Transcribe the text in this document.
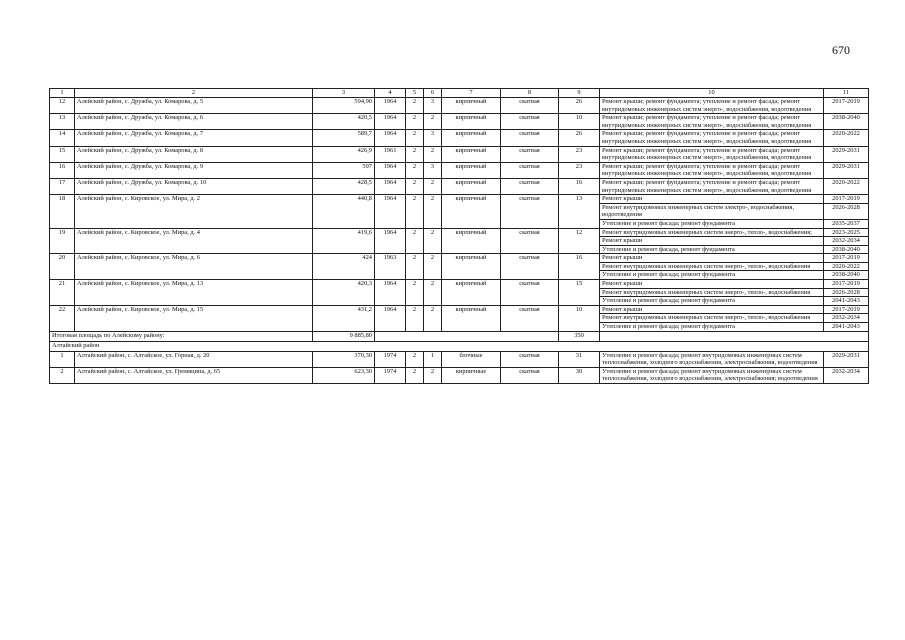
670
1	2	3	4	5	6	7	8	9	10	11
12	Алейский район, с. Дружба, ул. Комарова, д. 5	594,90	1964	2	3	кирпичный	скатная	26	Ремонт крыши; ремонт фундамента; утепление и ремонт фасада; ремонт внутридомовых инженерных систем энерго-, водоснабжения, водоотведения	2017-2019
13	Алейский район, с. Дружба, ул. Комарова, д. 6	420,5	1964	2	2	кирпичный	скатная	10	Ремонт крыши; ремонт фундамента; утепление и ремонт фасада; ремонт внутридомовых инженерных систем энерго-, водоснабжения, водоотведения	2038-2040
14	Алейский район, с. Дружба, ул. Комарова, д. 7	589,7	1964	2	3	кирпичный	скатная	26	Ремонт крыши; ремонт фундамента; утепление и ремонт фасада; ремонт внутридомовых инженерных систем энерго-, водоснабжения, водоотведения	2020-2022
15	Алейский район, с. Дружба, ул. Комарова, д. 8	426,9	1961	2	2	кирпичный	скатная	23	Ремонт крыши; ремонт фундамента; утепление и ремонт фасада; ремонт внутридомовых инженерных систем энерго-, водоснабжения, водоотведения	2029-2031
16	Алейский район, с. Дружба, ул. Комарова, д. 9	597	1964	2	3	кирпичный	скатная	23	Ремонт крыши; ремонт фундамента; утепление и ремонт фасада; ремонт внутридомовых инженерных систем энерго-, водоснабжения, водоотведения	2029-2031
17	Алейский район, с. Дружба, ул. Комарова, д. 10	428,5	1964	2	2	кирпичный	скатная	16	Ремонт крыши; ремонт фундамента; утепление и ремонт фасада; ремонт внутридомовых инженерных систем энерго-, водоснабжения, водоотведения	2020-2022
18	Алейский район, с. Кировское, ул. Мира, д. 2	440,8	1964	2	2	кирпичный	скатная	13	Ремонт крыши	2017-2019
									Ремонт внутридомовых инженерных систем электро-, водоснабжения, водоотведения	2026-2028
									Утепление и ремонт фасада; ремонт фундамента	2035-2037
19	Алейский район, с. Кировское, ул. Мира, д. 4	419,6	1964	2	2	кирпичный	скатная	12	Ремонт внутридомовых инженерных систем энерго-, тепло-, водоснабжения;	2023-2025
									Ремонт крыши	2032-2034
									Утепление и ремонт фасада, ремонт фундамента	2038-2040
20	Алейский район, с. Кировское, ул. Мира, д. 6	424	1963	2	2	кирпичный	скатная	16	Ремонт крыши	2017-2019
									Ремонт внутридомовых инженерных систем энерго-, тепло-, водоснабжения	2020-2022
									Утепление и ремонт фасада; ремонт фундамента	2038-2040
21	Алейский район, с. Кировское, ул. Мира, д. 13	420,3	1964	2	2	кирпичный	скатная	15	Ремонт крыши	2017-2019
									Ремонт внутридомовых инженерных систем энерго-, тепло-, водоснабжения	2026-2028
									Утепление и ремонт фасада; ремонт фундамента	2041-2043
22	Алейский район, с. Кировское, ул. Мира, д. 15	431,2	1964	2	2	кирпичный	скатная	10	Ремонт крыши	2017-2019
									Ремонт внутридомовых инженерных систем энерго-, тепло-, водоснабжения	2032-2034
									Утепление и ремонт фасада; ремонт фундамента	2041-2043
Итоговая площадь по Алейскому району:		9 885,80						350		
Алтайский район										
1	Алтайский район, с. Алтайское, ул. Горная, д. 20	370,30	1974	2	1	блочные	скатная	31	Утепление и ремонт фасада; ремонт внутридомовых инженерных систем теплоснабжения, холодного водоснабжения, электроснабжения, водоотведения	2029-2031
2	Алтайский район, с. Алтайское, ул. Гремяцина, д. 65	623,30	1974	2	2	кирпичные	скатная	30	Утепление и ремонт фасада; ремонт внутридомовых инженерных систем теплоснабжения, холодного водоснабжения, электроснабжения; водоотведения	2032-2034
